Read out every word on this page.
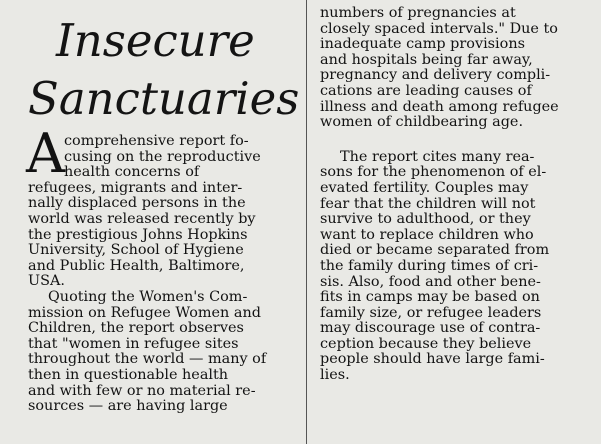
Insecure
Sanctuaries
A comprehensive report fo-
cusing on the reproductive
health concerns of
refugees, migrants and inter-
nally displaced persons in the
world was released recently by
the prestigious Johns Hopkins
University, School of Hygiene
and Public Health, Baltimore,
USA.
Quoting the Women's Com-
mission on Refugee Women and
Children, the report observes
that "women in refugee sites
throughout the world — many of
then in questionable health
and with few or no material re-
sources — are having large
numbers of pregnancies at
closely spaced intervals." Due to
inadequate camp provisions
and hospitals being far away,
pregnancy and delivery compli-
cations are leading causes of
illness and death among refugee
women of childbearing age.
The report cites many rea-
sons for the phenomenon of el-
evated fertility. Couples may
fear that the children will not
survive to adulthood, or they
want to replace children who
died or became separated from
the family during times of cri-
sis. Also, food and other bene-
fits in camps may be based on
family size, or refugee leaders
may discourage use of contra-
ception because they believe
people should have large fami-
lies.
